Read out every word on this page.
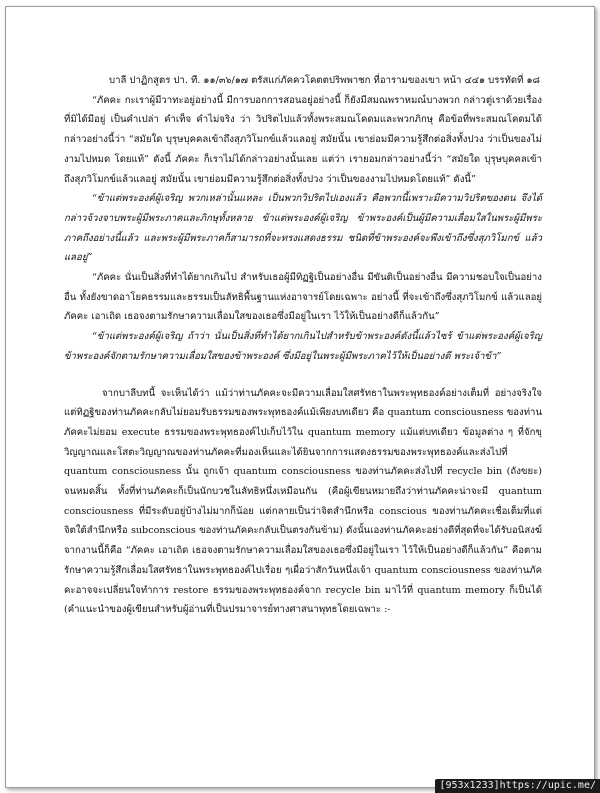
บาลี ปาฏิกสูตร ปา. ที. ๑๑/๓๖/๑๗ ตรัสแก่ภัคควโคตตปริพพาชก ที่อารามของเขา หน้า ๔๔๑ บรรทัดที่ ๑๘

“ภัคคะ กะเราผู้มีวาทะอยู่อย่างนี้ มีการบอกการสอนอยู่อย่างนี้ ก็ยังมีสมณพราหมณ์บางพวก กล่าวตู่เราด้วยเรื่องที่มิได้มีอยู่ เป็นคำเปล่า คำเท็จ คำไม่จริง ว่า วิปริตไปแล้วทั้งพระสมณโคดมและพวกภิกษุ คือข้อที่พระสมณโคดมได้กล่าวอย่างนี้ว่า “สมัยใด บุรุษบุคคลเข้าถึงสุภวิโมกข์แล้วแลอยู่ สมัยนั้น เขาย่อมมีความรู้สึกต่อสิ่งทั้งปวง ว่าเป็นของไม่งามไปหมด โดยแท้” ดังนี้ ภัคคะ ก็เราไม่ได้กล่าวอย่างนั้นเลย แต่ว่า เรายอมกล่าวอย่างนี้ว่า “สมัยใด บุรุษบุคคลเข้าถึงสุภวิโมกข์แล้วแลอยู่ สมัยนั้น เขาย่อมมีความรู้สึกต่อสิ่งทั้งปวง ว่าเป็นของงามไปหมดโดยแท้” ดังนี้”

“ข้าแต่พระองค์ผู้เจริญ พวกเหล่านั้นแหละ เป็นพวกวิปริตไปเองแล้ว คือพวกนี้เพราะมีความวิปริตของตน จึงได้กล่าวจ้วงจาบพระผู้มีพระภาคและภิกษุทั้งหลาย ข้าแต่พระองค์ผู้เจริญ ข้าพระองค์เป็นผู้มีความเลื่อมใสในพระผู้มีพระภาคถึงอย่างนี้แล้ว และพระผู้มีพระภาคก็สามารถที่จะทรงแสดงธรรม ชนิดที่ข้าพระองค์จะพึงเข้าถึงซึ่งสุภวิโมกข์ แล้วแลอยู่”

“ภัคคะ นั่นเป็นสิ่งที่ทำได้ยากเกินไป สำหรับเธอผู้มีทิฏฐิเป็นอย่างอื่น มีขันติเป็นอย่างอื่น มีความชอบใจเป็นอย่างอื่น ทั้งยังขาดอาโยคธรรมและธรรมเป็นลัทธิพื้นฐานแห่งอาจารย์โดยเฉพาะ อย่างนี้ ที่จะเข้าถึงซึ่งสุภวิโมกข์ แล้วแลอยู่ ภัคคะ เอาเถิด เธอจงตามรักษาความเลื่อมใสของเธอซึ่งมีอยู่ในเรา ไว้ให้เป็นอย่างดีก็แล้วกัน”

“ข้าแต่พระองค์ผู้เจริญ ถ้าว่า นั่นเป็นสิ่งที่ทำได้ยากเกินไปสำหรับข้าพระองค์ดังนี้แล้วไซร้ ข้าแต่พระองค์ผู้เจริญ ข้าพระองค์จักตามรักษาความเลื่อมใสของข้าพระองค์ ซึ่งมีอยู่ในพระผู้มีพระภาคไว้ให้เป็นอย่างดี พระเจ้าข้า”

จากบาลีบทนี้ จะเห็นได้ว่า แม้ว่าท่านภัคคะจะมีความเลื่อมใสศรัทธาในพระพุทธองค์อย่างเต็มที่ อย่างจริงใจ แต่ทิฏฐิของท่านภัคคะกลับไม่ยอมรับธรรมของพระพุทธองค์แม้เพียงบทเดียว คือ quantum consciousness ของท่านภัคคะไม่ยอม execute ธรรมของพระพุทธองค์ไปเก็บไว้ใน quantum memory แม้แต่บทเดียว ข้อมูลต่าง ๆ ที่จักขุวิญญาณและโสตะวิญญาณของท่านภัคคะที่มองเห็นและได้ยินจากการแสดงธรรมของพระพุทธองค์และส่งไปที่ quantum consciousness นั้น ถูกเจ้า quantum consciousness ของท่านภัคคะส่งไปที่ recycle bin (ถังขยะ) จนหมดสิ้น ทั้งที่ท่านภัคคะก็เป็นนักบวชในลัทธิหนึ่งเหมือนกัน (คือผู้เขียนหมายถึงว่าท่านภัคคะน่าจะมี quantum consciousness ที่มีระดับอยู่บ้างไม่มากก็น้อย แต่กลายเป็นว่าจิตสำนึกหรือ conscious ของท่านภัคคะเชื่อเต็มที่แต่จิตใต้สำนึกหรือ subconscious ของท่านภัคคะกลับเป็นตรงกันข้าม) ดังนั้นเองท่านภัคคะอย่างดีที่สุดที่จะได้รับอนิสงฆ์จากงานนี้ก็คือ “ภัคคะ เอาเถิด เธอจงตามรักษาความเลื่อมใสของเธอซึ่งมีอยู่ในเรา ไว้ให้เป็นอย่างดีก็แล้วกัน” คือตามรักษาความรู้สึกเลื่อมใสศรัทธาในพระพุทธองค์ไปเรื่อย ๆเผื่อว่าสักวันหนึ่งเจ้า quantum consciousness ของท่านภัคคะอาจจะเปลี่ยนใจทำการ restore ธรรมของพระพุทธองค์จาก recycle bin มาไว้ที่ quantum memory ก็เป็นได้ (คำแนะนำของผู้เขียนสำหรับผู้อ่านที่เป็นปรมาจารย์ทางศาสนาพุทธโดยเฉพาะ :-

[953x1233]https://upic.me/
